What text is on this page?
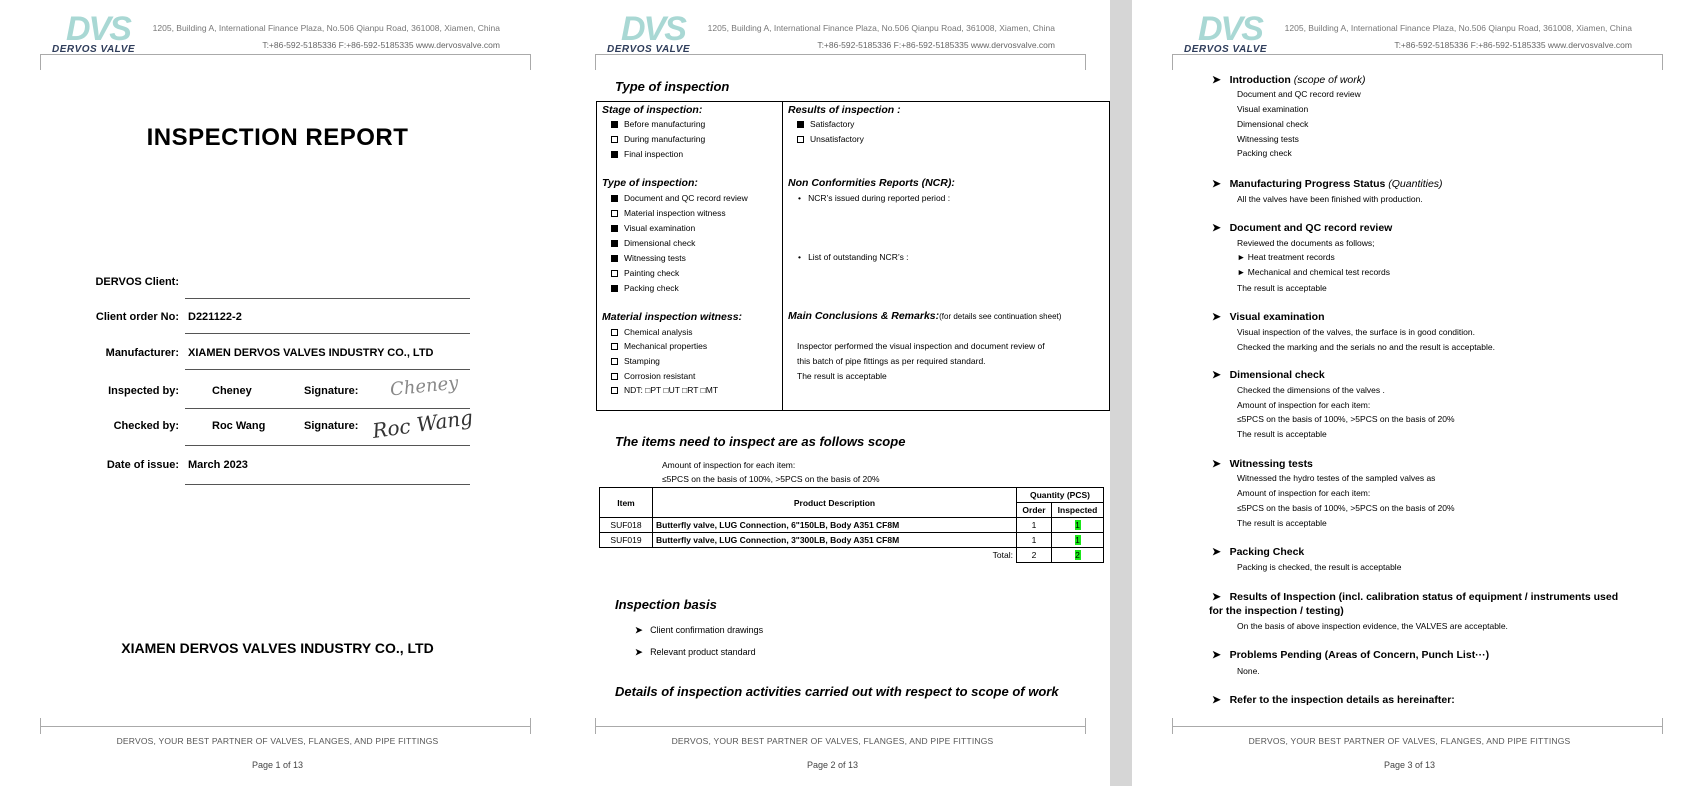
DVS
DERVOS VALVE
1205, Building A, International Finance Plaza, No.506 Qianpu Road, 361008, Xiamen, China
T:+86-592-5185336 F:+86-592-5185335 www.dervosvalve.com
INSPECTION REPORT
DERVOS Client:
Client order No: D221122-2
Manufacturer: XIAMEN DERVOS VALVES INDUSTRY CO., LTD
Inspected by:	Cheney	Signature: Cheney
Checked by:	Roc Wang	Signature: Roc Wang
Date of issue: March 2023
XIAMEN DERVOS VALVES INDUSTRY CO., LTD
DERVOS, YOUR BEST PARTNER OF VALVES, FLANGES, AND PIPE FITTINGS
Page 1 of 13
DVS
DERVOS VALVE
1205, Building A, International Finance Plaza, No.506 Qianpu Road, 361008, Xiamen, China
T:+86-592-5185336 F:+86-592-5185335 www.dervosvalve.com
Type of inspection
Stage of inspection:
Before manufacturing
During manufacturing
Final inspection
Results of inspection :
Satisfactory
Unsatisfactory
Type of inspection:
Document and QC record review
Material inspection witness
Visual examination
Dimensional check
Witnessing tests
Painting check
Packing check
Non Conformities Reports (NCR):
•   NCR’s issued during reported period :
•   List of outstanding NCR’s :
Material inspection witness:
Chemical analysis
Mechanical properties
Stamping
Corrosion resistant
NDT: □PT □UT □RT □MT
Main Conclusions & Remarks:(for details see continuation sheet)
Inspector performed the visual inspection and document review of
this batch of pipe fittings as per required standard.
The result is acceptable
The items need to inspect are as follows scope
Amount of inspection for each item:
≤5PCS on the basis of 100%, >5PCS on the basis of 20%
Item	Product Description	Quantity (PCS)	
		Order	Inspected
SUF018	Butterfly valve, LUG Connection, 6"150LB, Body A351 CF8M	1	1
SUF019	Butterfly valve, LUG Connection, 3"300LB, Body A351 CF8M	1	1
Total:		2	2
Inspection basis
➤ Client confirmation drawings
➤ Relevant product standard
Details of inspection activities carried out with respect to scope of work
DERVOS, YOUR BEST PARTNER OF VALVES, FLANGES, AND PIPE FITTINGS
Page 2 of 13
DVS
DERVOS VALVE
1205, Building A, International Finance Plaza, No.506 Qianpu Road, 361008, Xiamen, China
T:+86-592-5185336 F:+86-592-5185335 www.dervosvalve.com
➤   Introduction (scope of work)
Document and QC record review
Visual examination
Dimensional check
Witnessing tests
Packing check
➤   Manufacturing Progress Status (Quantities)
All the valves have been finished with production.
➤   Document and QC record review
Reviewed the documents as follows;
► Heat treatment records
► Mechanical and chemical test records
The result is acceptable
➤   Visual examination
Visual inspection of the valves, the surface is in good condition.
Checked the marking and the serials no and the result is acceptable.
➤   Dimensional check
Checked the dimensions of the valves .
Amount of inspection for each item:
≤5PCS on the basis of 100%, >5PCS on the basis of 20%
The result is acceptable
➤   Witnessing tests
Witnessed the hydro testes of the sampled valves as
Amount of inspection for each item:
≤5PCS on the basis of 100%, >5PCS on the basis of 20%
The result is acceptable
➤   Packing Check
Packing is checked, the result is acceptable
➤   Results of Inspection (incl. calibration status of equipment / instruments used
for the inspection / testing)
On the basis of above inspection evidence, the VALVES are acceptable.
➤   Problems Pending (Areas of Concern, Punch List···)
None.
➤   Refer to the inspection details as hereinafter:
DERVOS, YOUR BEST PARTNER OF VALVES, FLANGES, AND PIPE FITTINGS
Page 3 of 13
